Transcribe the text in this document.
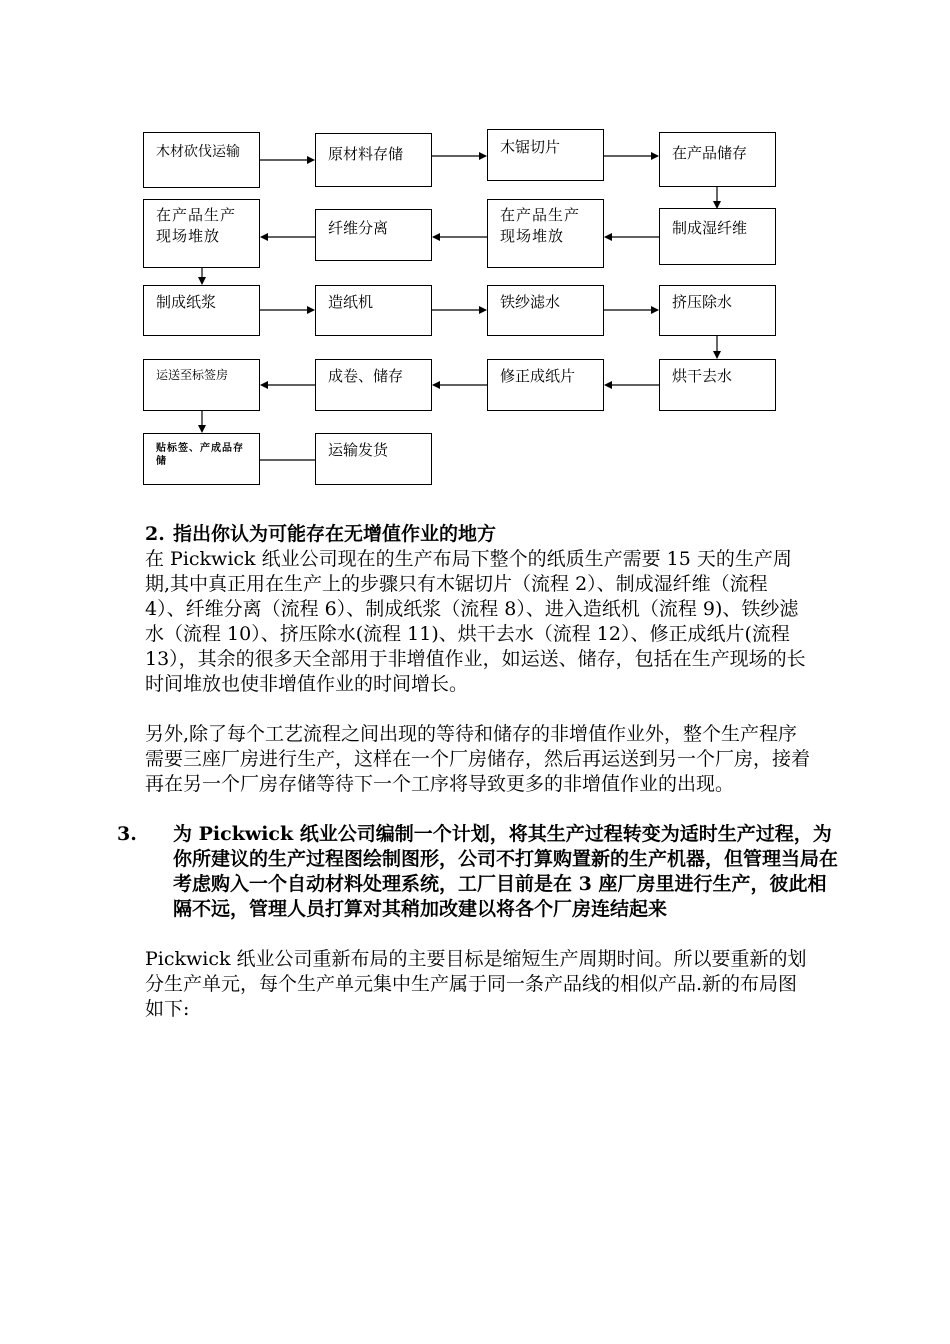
木材砍伐运输	原材料存储	木锯切片	在产品储存
在产品生产现场堆放	纤维分离
在产品生产现场堆放	制成湿纤维
制成纸浆	造纸机	铁纱滤水	挤压除水
运送至标签房	成卷、储存	修正成纸片	烘干去水
贴标签、产成品存储
运输发货
2. 指出你认为可能存在无增值作业的地方
在 Pickwick 纸业公司现在的生产布局下整个的纸质生产需要 15 天的生产周期,其中真正用在生产上的步骤只有木锯切片（流程 2）、制成湿纤维（流程 4）、纤维分离（流程 6）、制成纸浆（流程 8）、进入造纸机（流程 9)、铁纱滤水（流程 10）、挤压除水(流程 11)、烘干去水（流程 12）、修正成纸片(流程 13），其余的很多天全部用于非增值作业，如运送、储存，包括在生产现场的长时间堆放也使非增值作业的时间增长。
另外,除了每个工艺流程之间出现的等待和储存的非增值作业外，整个生产程序需要三座厂房进行生产，这样在一个厂房储存，然后再运送到另一个厂房，接着再在另一个厂房存储等待下一个工序将导致更多的非增值作业的出现。
3. 为 Pickwick 纸业公司编制一个计划，将其生产过程转变为适时生产过程，为你所建议的生产过程图绘制图形，公司不打算购置新的生产机器，但管理当局在考虑购入一个自动材料处理系统，工厂目前是在 3 座厂房里进行生产，彼此相隔不远，管理人员打算对其稍加改建以将各个厂房连结起来
Pickwick 纸业公司重新布局的主要目标是缩短生产周期时间。所以要重新的划分生产单元，每个生产单元集中生产属于同一条产品线的相似产品.新的布局图如下:
